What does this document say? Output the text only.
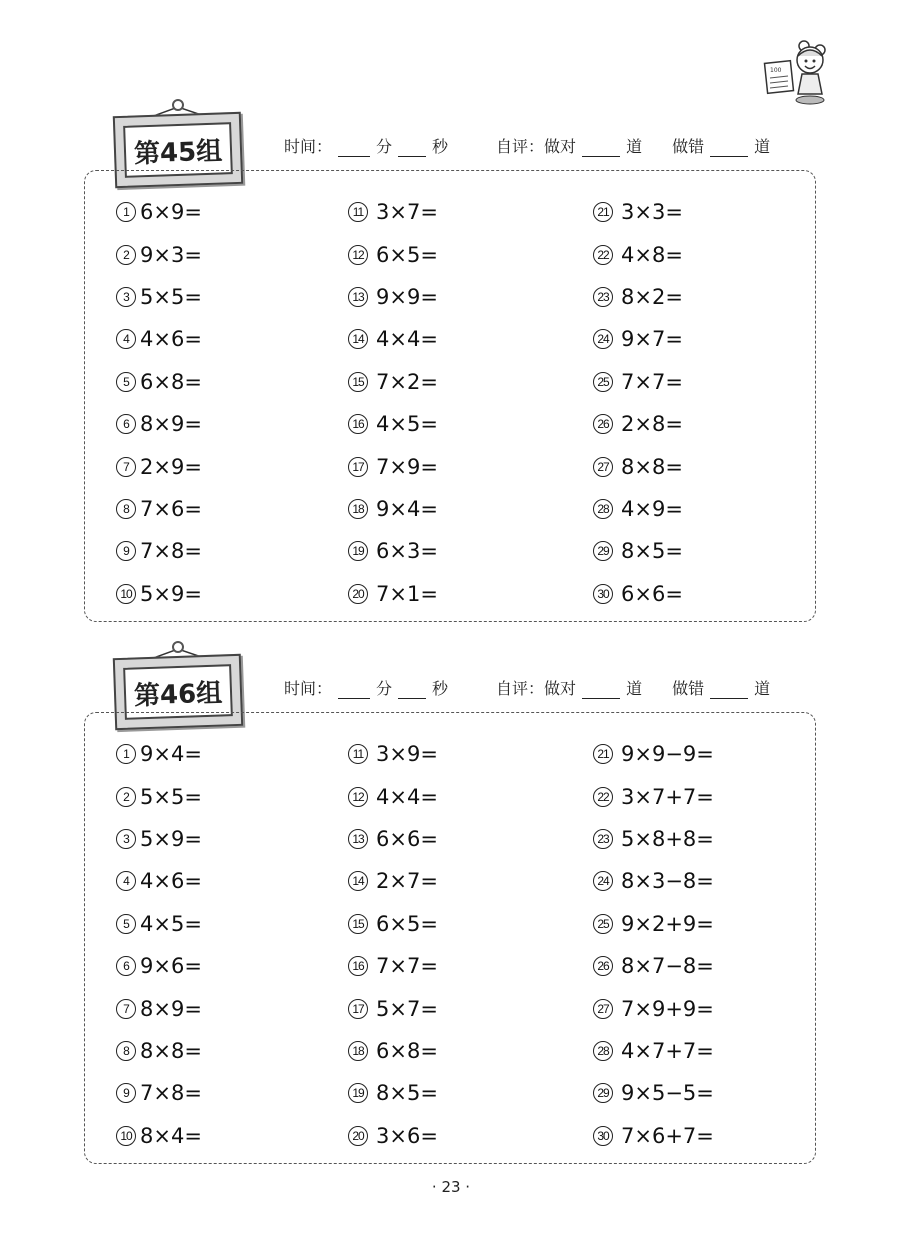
100
第45组	时间：	分	秒	自评：做对	道 做错	道
1 6×9=
2 9×3=
3 5×5=
4 4×6=
5 6×8=
6 8×9=
7 2×9=
8 7×6=
9 7×8=
10 5×9=
11 3×7=
12 6×5=
13 9×9=
14 4×4=
15 7×2=
16 4×5=
17 7×9=
18 9×4=
19 6×3=
20 7×1=
21 3×3=
22 4×8=
23 8×2=
24 9×7=
25 7×7=
26 2×8=
27 8×8=
28 4×9=
29 8×5=
30 6×6=
第46组	时间：	分	秒	自评：做对	道 做错	道
1 9×4=
2 5×5=
3 5×9=
4 4×6=
5 4×5=
6 9×6=
7 8×9=
8 8×8=
9 7×8=
10 8×4=
11 3×9=
12 4×4=
13 6×6=
14 2×7=
15 6×5=
16 7×7=
17 5×7=
18 6×8=
19 8×5=
20 3×6=
21 9×9−9=
22 3×7+7=
23 5×8+8=
24 8×3−8=
25 9×2+9=
26 8×7−8=
27 7×9+9=
28 4×7+7=
29 9×5−5=
30 7×6+7=
· 23 ·
